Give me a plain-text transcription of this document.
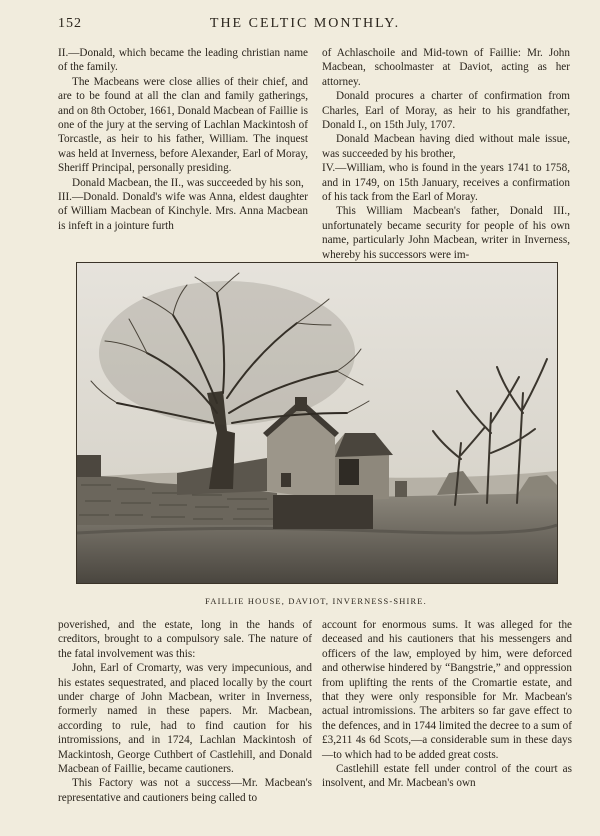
152	THE CELTIC MONTHLY.

II.—Donald, which became the leading christian name of the family.

The Macbeans were close allies of their chief, and are to be found at all the clan and family gatherings, and on 8th October, 1661, Donald Macbean of Faillie is one of the jury at the serving of Lachlan Mackintosh of Torcastle, as heir to his father, William. The inquest was held at Inverness, before Alexander, Earl of Moray, Sheriff Principal, personally presiding.

Donald Macbean, the II., was succeeded by his son,

III.—Donald. Donald's wife was Anna, eldest daughter of William Macbean of Kinchyle. Mrs. Anna Macbean is infeft in a jointure furth

of Achlaschoile and Mid-town of Faillie: Mr. John Macbean, schoolmaster at Daviot, acting as her attorney.

Donald procures a charter of confirmation from Charles, Earl of Moray, as heir to his grandfather, Donald I., on 15th July, 1707.

Donald Macbean having died without male issue, was succeeded by his brother,

IV.—William, who is found in the years 1741 to 1758, and in 1749, on 15th January, receives a confirmation of his tack from the Earl of Moray.

This William Macbean's father, Donald III., unfortunately became security for people of his own name, particularly John Macbean, writer in Inverness, whereby his successors were im-

FAILLIE HOUSE, DAVIOT, INVERNESS-SHIRE.

poverished, and the estate, long in the hands of creditors, brought to a compulsory sale. The nature of the fatal involvement was this:

John, Earl of Cromarty, was very impecunious, and his estates sequestrated, and placed locally by the court under charge of John Macbean, writer in Inverness, formerly named in these papers. Mr. Macbean, according to rule, had to find caution for his intromissions, and in 1724, Lachlan Mackintosh of Mackintosh, George Cuthbert of Castlehill, and Donald Macbean of Faillie, became cautioners.

This Factory was not a success—Mr. Macbean's representative and cautioners being called to

account for enormous sums. It was alleged for the deceased and his cautioners that his messengers and officers of the law, employed by him, were deforced and otherwise hindered by “Bangstrie,” and oppression from uplifting the rents of the Cromartie estate, and that they were only responsible for Mr. Macbean's actual intromissions. The arbiters so far gave effect to the defences, and in 1744 limited the decree to a sum of £3,211 4s 6d Scots,—a considerable sum in these days—to which had to be added great costs.

Castlehill estate fell under control of the court as insolvent, and Mr. Macbean's own
